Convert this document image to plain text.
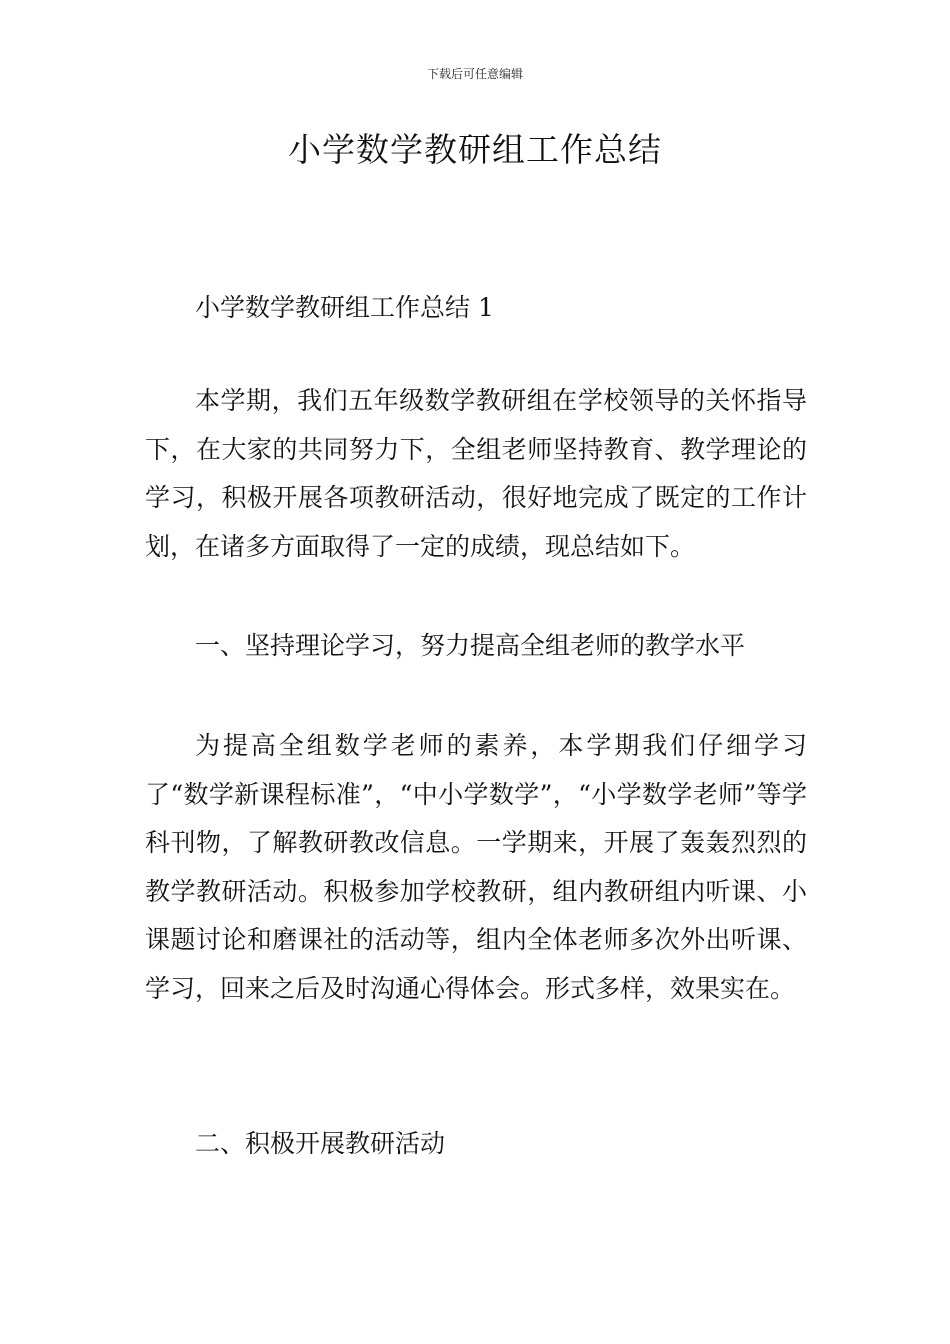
下载后可任意编辑
小学数学教研组工作总结

小学数学教研组工作总结 1

本学期，我们五年级数学教研组在学校领导的关怀指导下，在大家的共同努力下，全组老师坚持教育、教学理论的学习，积极开展各项教研活动，很好地完成了既定的工作计划，在诸多方面取得了一定的成绩，现总结如下。

一、坚持理论学习，努力提高全组老师的教学水平

为提高全组数学老师的素养，本学期我们仔细学习了“数学新课程标准”，“中小学数学”，“小学数学老师”等学科刊物，了解教研教改信息。一学期来，开展了轰轰烈烈的教学教研活动。积极参加学校教研，组内教研组内听课、小课题讨论和磨课社的活动等，组内全体老师多次外出听课、学习，回来之后及时沟通心得体会。形式多样，效果实在。

二、积极开展教研活动
